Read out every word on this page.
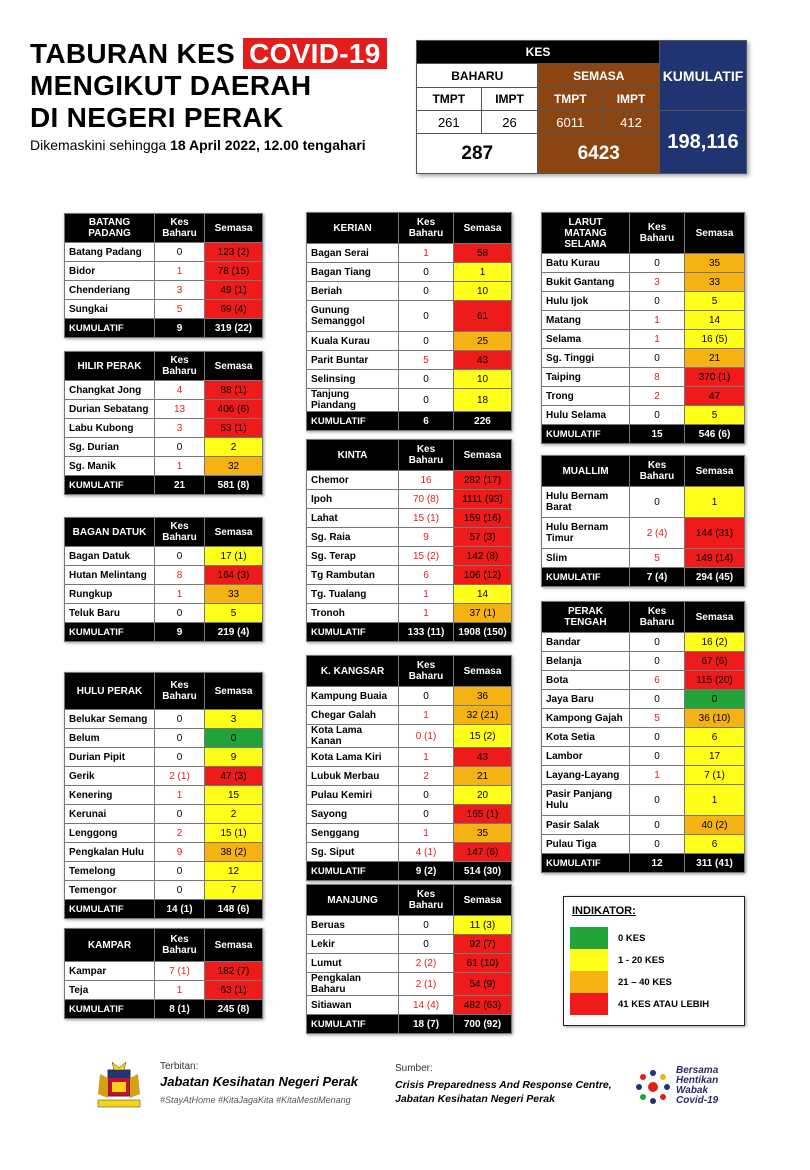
TABURAN KES COVID-19
MENGIKUT DAERAH
DI NEGERI PERAK
Dikemaskini sehingga 18 April 2022, 12.00 tengahari
KES				KUMULATIF
BAHARU		SEMASA		
TMPT	IMPT	TMPT	IMPT	
261	26	6011	412	198,116
287		6423		
BATANG PADANG	Kes Baharu	Semasa
Batang Padang	0	123 (2)
Bidor	1	78 (15)
Chenderiang	3	49 (1)
Sungkai	5	69 (4)
KUMULATIF	9	319 (22)
HILIR PERAK	Kes Baharu	Semasa
Changkat Jong	4	88 (1)
Durian Sebatang	13	406 (6)
Labu Kubong	3	53 (1)
Sg. Durian	0	2
Sg. Manik	1	32
KUMULATIF	21	581 (8)
BAGAN DATUK	Kes Baharu	Semasa
Bagan Datuk	0	17 (1)
Hutan Melintang	8	164 (3)
Rungkup	1	33
Teluk Baru	0	5
KUMULATIF	9	219 (4)
HULU PERAK	Kes Baharu	Semasa
Belukar Semang	0	3
Belum	0	0
Durian Pipit	0	9
Gerik	2 (1)	47 (3)
Kenering	1	15
Kerunai	0	2
Lenggong	2	15 (1)
Pengkalan Hulu	9	38 (2)
Temelong	0	12
Temengor	0	7
KUMULATIF	14 (1)	148 (6)
KAMPAR	Kes Baharu	Semasa
Kampar	7 (1)	182 (7)
Teja	1	63 (1)
KUMULATIF	8 (1)	245 (8)
KERIAN	Kes Baharu	Semasa
Bagan Serai	1	58
Bagan Tiang	0	1
Beriah	0	10
Gunung Semanggol	0	61
Kuala Kurau	0	25
Parit Buntar	5	43
Selinsing	0	10
Tanjung Piandang	0	18
KUMULATIF	6	226
KINTA	Kes Baharu	Semasa
Chemor	16	282 (17)
Ipoh	70 (8)	1111 (93)
Lahat	15 (1)	159 (16)
Sg. Raia	9	57 (3)
Sg. Terap	15 (2)	142 (8)
Tg Rambutan	6	106 (12)
Tg. Tualang	1	14
Tronoh	1	37 (1)
KUMULATIF	133 (11)	1908 (150)
K. KANGSAR	Kes Baharu	Semasa
Kampung Buaia	0	36
Chegar Galah	1	32 (21)
Kota Lama Kanan	0 (1)	15 (2)
Kota Lama Kiri	1	43
Lubuk Merbau	2	21
Pulau Kemiri	0	20
Sayong	0	165 (1)
Senggang	1	35
Sg. Siput	4 (1)	147 (6)
KUMULATIF	9 (2)	514 (30)
MANJUNG	Kes Baharu	Semasa
Beruas	0	11 (3)
Lekir	0	92 (7)
Lumut	2 (2)	61 (10)
Pengkalan Baharu	2 (1)	54 (9)
Sitiawan	14 (4)	482 (63)
KUMULATIF	18 (7)	700 (92)
LARUT MATANG SELAMA	Kes Baharu	Semasa
Batu Kurau	0	35
Bukit Gantang	3	33
Hulu Ijok	0	5
Matang	1	14
Selama	1	16 (5)
Sg. Tinggi	0	21
Taiping	8	370 (1)
Trong	2	47
Hulu Selama	0	5
KUMULATIF	15	546 (6)
MUALLIM	Kes Baharu	Semasa
Hulu Bernam Barat	0	1
Hulu Bernam Timur	2 (4)	144 (31)
Slim	5	149 (14)
KUMULATIF	7 (4)	294 (45)
PERAK TENGAH	Kes Baharu	Semasa
Bandar	0	16 (2)
Belanja	0	67 (6)
Bota	6	115 (20)
Jaya Baru	0	0
Kampong Gajah	5	36 (10)
Kota Setia	0	6
Lambor	0	17
Layang-Layang	1	7 (1)
Pasir Panjang Hulu	0	1
Pasir Salak	0	40 (2)
Pulau Tiga	0	6
KUMULATIF	12	311 (41)
INDIKATOR:
0 KES
1 - 20 KES
21 – 40 KES
41 KES ATAU LEBIH
Terbitan:
Jabatan Kesihatan Negeri Perak
#StayAtHome #KitaJagaKita #KitaMestiMenang
Sumber:
Crisis Preparedness And Response Centre,
Jabatan Kesihatan Negeri Perak
Bersama
Hentikan
Wabak
Covid-19
